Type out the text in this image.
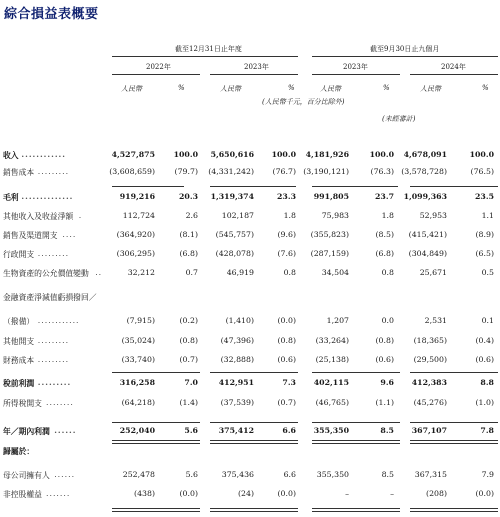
綜合損益表概要
截至12月31日止年度	截至9月30日止九個月
2022年	2023年	2023年	2024年
人民幣	%	人民幣	%	人民幣	%	人民幣	%
(人民幣千元，百分比除外)
(未經審計)
收入 ............	4,527,875 100.0 5,650,616 100.0 4,181,926	100.0 4,678,091	100.0
銷售成本 .........	(3,608,659)	(79.7) (4,331,242) (76.7) (3,190,121)	(76.3) (3,578,728)	(76.5)
毛利 ..............	919,216	20.3 1,319,374	23.3 991,805	23.7 1,099,363	23.5
其他收入及收益淨額 .	112,724	2.6	102,187	1.8	75,983	1.8	52,953	1.1
銷售及渠道開支 ....	(364,920)	(8.1) (545,757)	(9.6) (355,823)	(8.5) (415,421)	(8.9)
行政開支 .........	(306,295)	(6.8) (428,078)	(7.6) (287,159)	(6.8) (304,849)	(6.5)
生物資產的公允價值變動 ..	32,212	0.7	46,919	0.8	34,504	0.8	25,671	0.5
金融資產淨減值虧損撥回／
（撥備） ............	(7,915)	(0.2)	(1,410)	(0.0)	1,207	0.0	2,531	0.1
其他開支 .........	(35,024)	(0.8)	(47,396)	(0.8)	(33,264)	(0.8)	(18,365)	(0.4)
財務成本 .........	(33,740)	(0.7)	(32,888)	(0.6)	(25,138)	(0.6)	(29,500)	(0.6)
稅前利潤 .........	316,258	7.0	412,951	7.3 402,115	9.6 412,383	8.8
所得稅開支 ........	(64,218)	(1.4)	(37,539)	(0.7)	(46,765)	(1.1)	(45,276)	(1.0)
年／期內利潤 ......	252,040	5.6	375,412	6.6 355,350	8.5 367,107	7.8
歸屬於：
母公司擁有人 ......	252,478	5.6	375,436	6.6	355,350	8.5	367,315	7.9
非控股權益 .......	(438)	(0.0)	(24)	(0.0)	–	–	(208)	(0.0)
